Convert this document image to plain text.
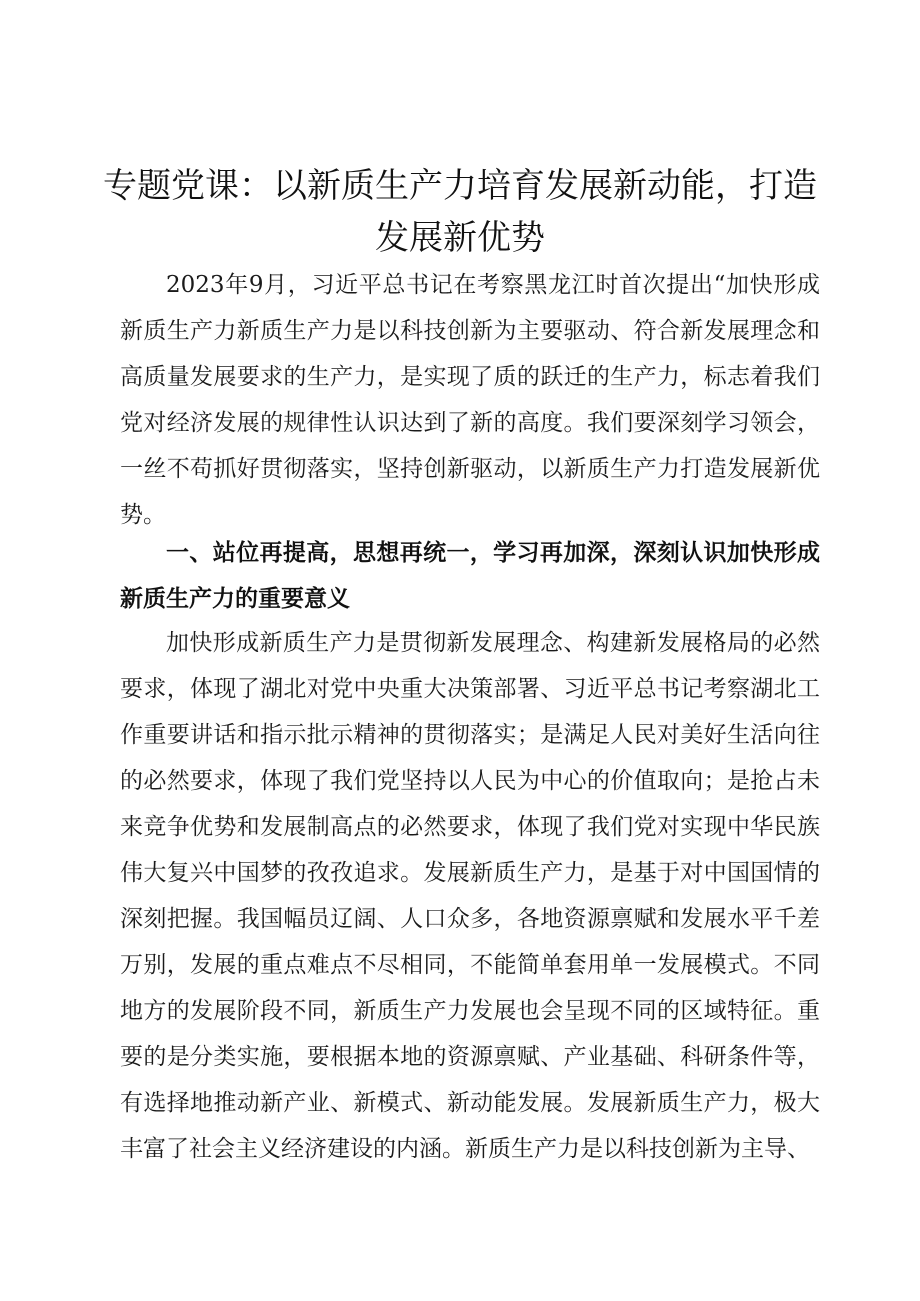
专题党课：以新质生产力培育发展新动能，打造发展新优势

2023年9月，习近平总书记在考察黑龙江时首次提出“加快形成新质生产力新质生产力是以科技创新为主要驱动、符合新发展理念和高质量发展要求的生产力，是实现了质的跃迁的生产力，标志着我们党对经济发展的规律性认识达到了新的高度。我们要深刻学习领会，一丝不苟抓好贯彻落实，坚持创新驱动，以新质生产力打造发展新优势。

一、站位再提高，思想再统一，学习再加深，深刻认识加快形成新质生产力的重要意义

加快形成新质生产力是贯彻新发展理念、构建新发展格局的必然要求，体现了湖北对党中央重大决策部署、习近平总书记考察湖北工作重要讲话和指示批示精神的贯彻落实；是满足人民对美好生活向往的必然要求，体现了我们党坚持以人民为中心的价值取向；是抢占未来竞争优势和发展制高点的必然要求，体现了我们党对实现中华民族伟大复兴中国梦的孜孜追求。发展新质生产力，是基于对中国国情的深刻把握。我国幅员辽阔、人口众多，各地资源禀赋和发展水平千差万别，发展的重点难点不尽相同，不能简单套用单一发展模式。不同地方的发展阶段不同，新质生产力发展也会呈现不同的区域特征。重要的是分类实施，要根据本地的资源禀赋、产业基础、科研条件等，有选择地推动新产业、新模式、新动能发展。发展新质生产力，极大丰富了社会主义经济建设的内涵。新质生产力是以科技创新为主导、
